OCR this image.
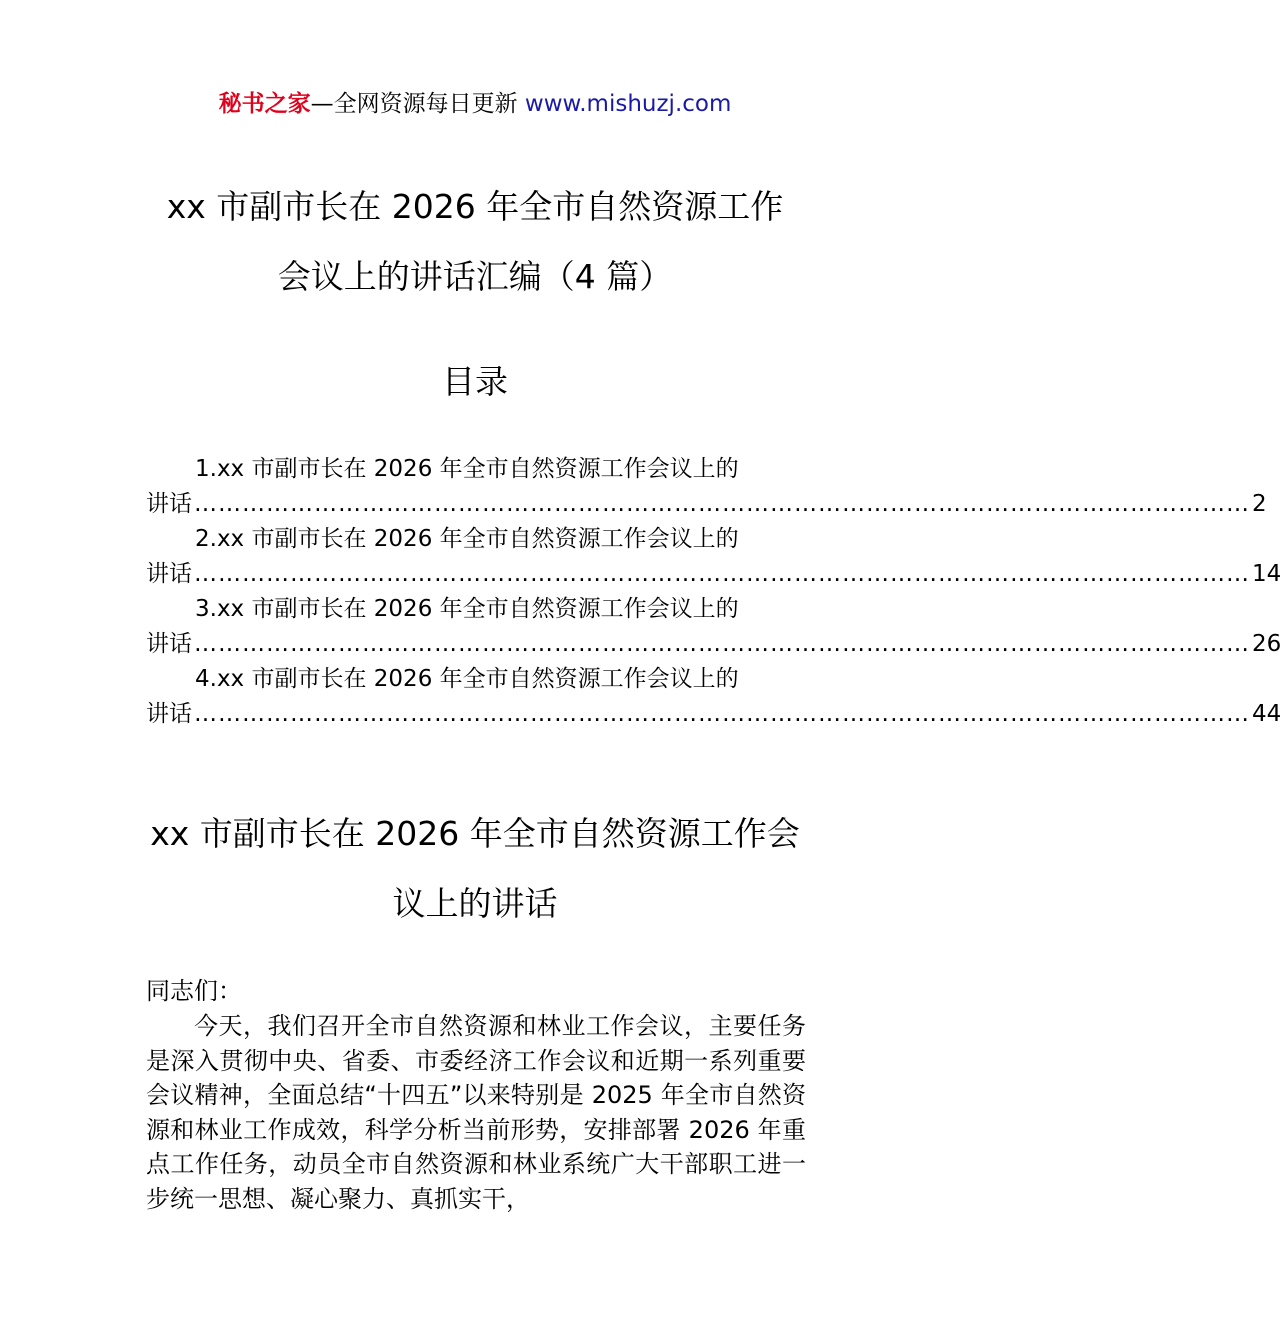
秘书之家—全网资源每日更新 www.mishuzj.com
xx 市副市长在 2026 年全市自然资源工作
会议上的讲话汇编（4 篇）
目录
1.xx 市副市长在 2026 年全市自然资源工作会议上的
讲话 …………………………………………………………………………………………………………………… 2
2.xx 市副市长在 2026 年全市自然资源工作会议上的
讲话 …………………………………………………………………………………………………………………… 14
3.xx 市副市长在 2026 年全市自然资源工作会议上的
讲话 …………………………………………………………………………………………………………………… 26
4.xx 市副市长在 2026 年全市自然资源工作会议上的
讲话 …………………………………………………………………………………………………………………… 44
xx 市副市长在 2026 年全市自然资源工作会
议上的讲话
同志们：
今天，我们召开全市自然资源和林业工作会议，主要任务是深入贯彻中央、省委、市委经济工作会议和近期一系列重要会议精神，全面总结“十四五”以来特别是 2025 年全市自然资源和林业工作成效，科学分析当前形势，安排部署 2026 年重点工作任务，动员全市自然资源和林业系统广大干部职工进一步统一思想、凝心聚力、真抓实干，
